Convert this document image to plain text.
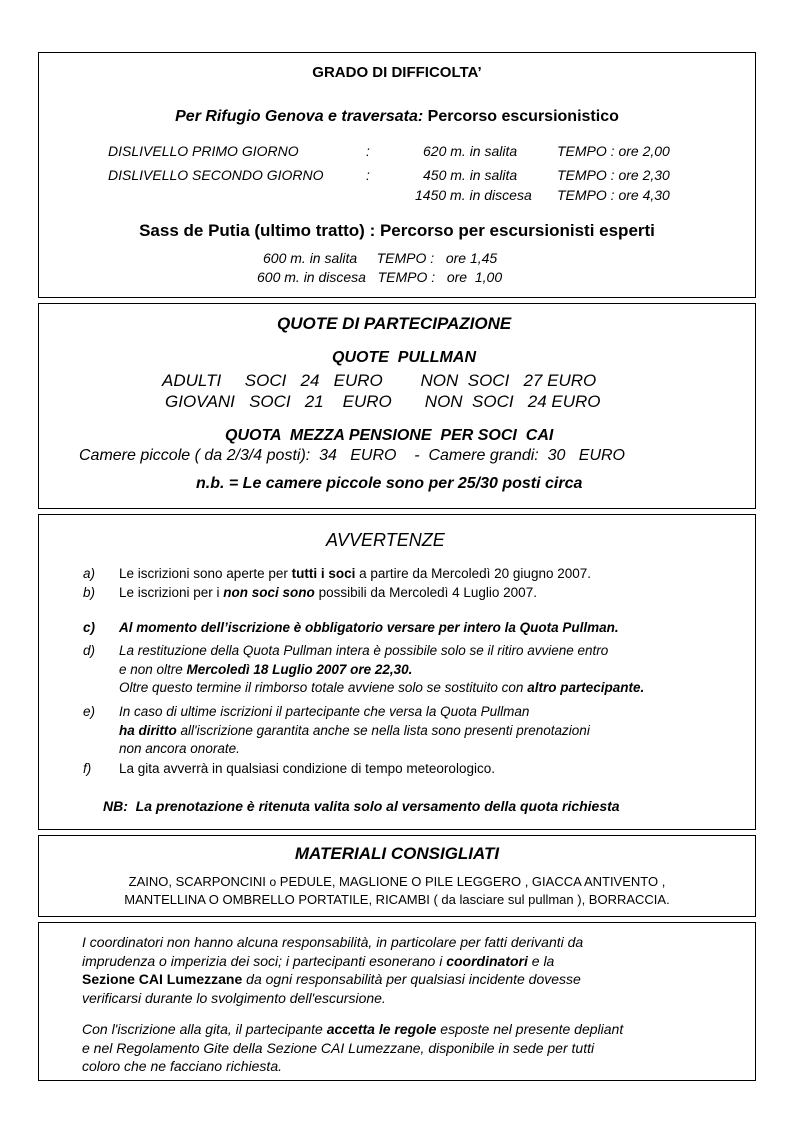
GRADO DI DIFFICOLTA’
Per Rifugio Genova e traversata: Percorso escursionistico
DISLIVELLO PRIMO GIORNO	:	620 m. in salita	TEMPO : ore 2,00
DISLIVELLO SECONDO GIORNO	:	450 m. in salita	TEMPO : ore 2,30
1450 m. in discesa TEMPO : ore 4,30
Sass de Putia (ultimo tratto) : Percorso per escursionisti esperti
600 m. in salita     TEMPO :   ore 1,45
600 m. in discesa   TEMPO :   ore  1,00
QUOTE DI PARTECIPAZIONE
QUOTE  PULLMAN
ADULTI     SOCI   24   EURO        NON  SOCI   27 EURO
GIOVANI   SOCI   21    EURO       NON  SOCI   24 EURO
QUOTA  MEZZA PENSIONE  PER SOCI  CAI
Camere piccole ( da 2/3/4 posti):  34   EURO    -  Camere grandi:  30   EURO
n.b. = Le camere piccole sono per 25/30 posti circa
AVVERTENZE
a) Le iscrizioni sono aperte per tutti i soci a partire da Mercoledì 20 giugno 2007.
b) Le iscrizioni per i non soci sono possibili da Mercoledì 4 Luglio 2007.
c) Al momento dell’iscrizione è obbligatorio versare per intero la Quota Pullman.
d) La restituzione della Quota Pullman intera è possibile solo se il ritiro avviene entro
e non oltre Mercoledì 18 Luglio 2007 ore 22,30.
Oltre questo termine il rimborso totale avviene solo se sostituito con altro partecipante.
e) In caso di ultime iscrizioni il partecipante che versa la Quota Pullman
ha diritto all'iscrizione garantita anche se nella lista sono presenti prenotazioni
non ancora onorate.
f) La gita avverrà in qualsiasi condizione di tempo meteorologico.
NB:  La prenotazione è ritenuta valita solo al versamento della quota richiesta
MATERIALI CONSIGLIATI
ZAINO, SCARPONCINI o PEDULE, MAGLIONE O PILE LEGGERO , GIACCA ANTIVENTO ,
MANTELLINA O OMBRELLO PORTATILE, RICAMBI ( da lasciare sul pullman ), BORRACCIA.
I coordinatori non hanno alcuna responsabilità, in particolare per fatti derivanti da
imprudenza o imperizia dei soci; i partecipanti esonerano i coordinatori e la
Sezione CAI Lumezzane da ogni responsabilità per qualsiasi incidente dovesse
verificarsi durante lo svolgimento dell'escursione.
Con l'iscrizione alla gita, il partecipante accetta le regole esposte nel presente depliant
e nel Regolamento Gite della Sezione CAI Lumezzane, disponibile in sede per tutti
coloro che ne facciano richiesta.
